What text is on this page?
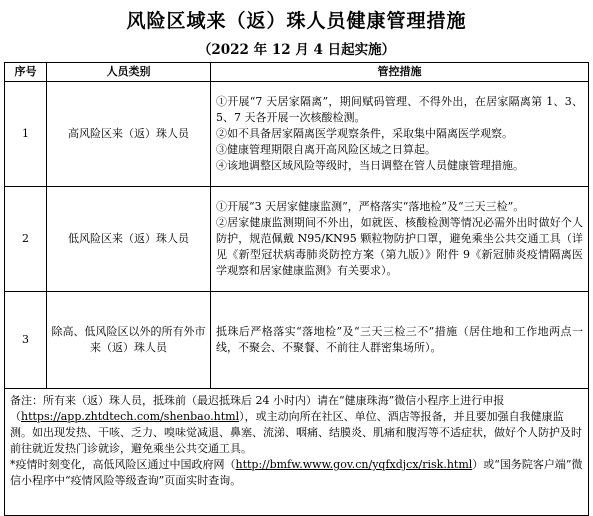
风险区域来（返）珠人员健康管理措施
（2022 年 12 月 4 日起实施）
序号	人员类别	管控措施
1	高风险区来（返）珠人员	①开展“7 天居家隔离”，期间赋码管理、不得外出，在居家隔离第 1、3、5、7 天各开展一次核酸检测。
②如不具备居家隔离医学观察条件，采取集中隔离医学观察。
③健康管理期限自离开高风险区域之日算起。
④该地调整区域风险等级时，当日调整在管人员健康管理措施。

2	低风险区来（返）珠人员	①开展“3 天居家健康监测”，严格落实“落地检”及“三天三检”。
②居家健康监测期间不外出，如就医、核酸检测等情况必需外出时做好个人防护，规范佩戴 N95/KN95 颗粒物防护口罩，避免乘坐公共交通工具（详见《新型冠状病毒肺炎防控方案（第九版）》附件 9《新冠肺炎疫情隔离医学观察和居家健康监测》有关要求）。

3	除高、低风险区以外的所有外市来（返）珠人员	抵珠后严格落实“落地检”及“三天三检三不”措施（居住地和工作地两点一线，不聚会、不聚餐、不前往人群密集场所）。

备注：所有来（返）珠人员，抵珠前（最迟抵珠后 24 小时内）请在“健康珠海”微信小程序上进行申报（https://app.zhtdtech.com/shenbao.html），或主动向所在社区、单位、酒店等报备，并且要加强自我健康监测。如出现发热、干咳、乏力、嗅味觉减退、鼻塞、流涕、咽痛、结膜炎、肌痛和腹泻等不适症状，做好个人防护及时前往就近发热门诊就诊，避免乘坐公共交通工具。
*疫情时刻变化，高低风险区通过中国政府网（http://bmfw.www.gov.cn/yqfxdjcx/risk.html）或“国务院客户端”微信小程序中“疫情风险等级查询”页面实时查询。		
